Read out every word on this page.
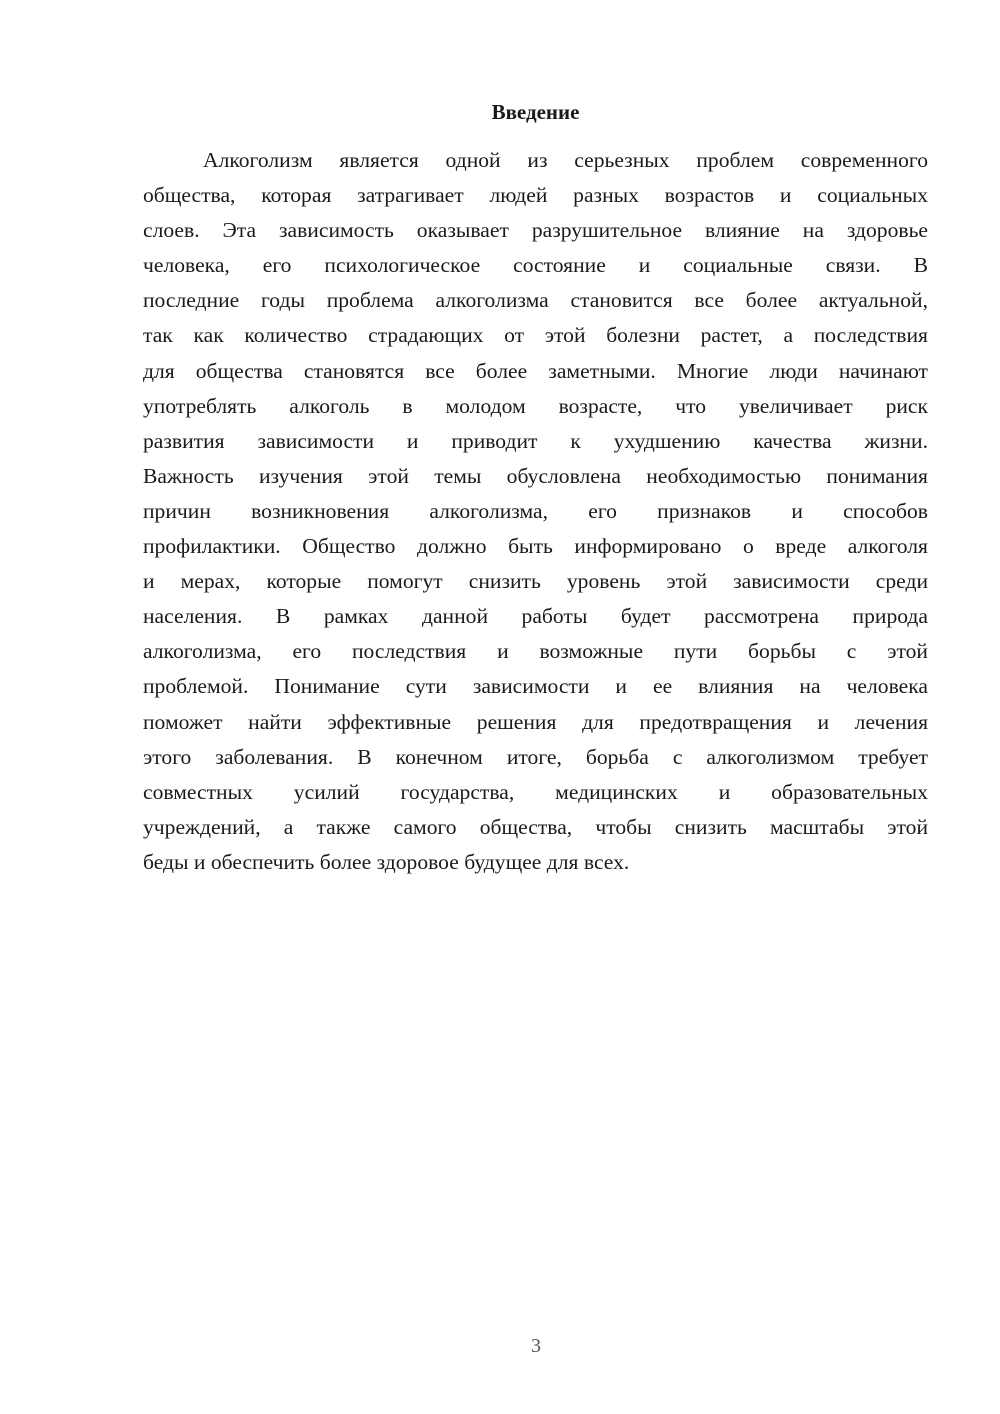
Введение
Алкоголизм является одной из серьезных проблем современного
общества, которая затрагивает людей разных возрастов и социальных
слоев. Эта зависимость оказывает разрушительное влияние на здоровье
человека, его психологическое состояние и социальные связи. В
последние годы проблема алкоголизма становится все более актуальной,
так как количество страдающих от этой болезни растет, а последствия
для общества становятся все более заметными. Многие люди начинают
употреблять алкоголь в молодом возрасте, что увеличивает риск
развития зависимости и приводит к ухудшению качества жизни.
Важность изучения этой темы обусловлена необходимостью понимания
причин возникновения алкоголизма, его признаков и способов
профилактики. Общество должно быть информировано о вреде алкоголя
и мерах, которые помогут снизить уровень этой зависимости среди
населения. В рамках данной работы будет рассмотрена природа
алкоголизма, его последствия и возможные пути борьбы с этой
проблемой. Понимание сути зависимости и ее влияния на человека
поможет найти эффективные решения для предотвращения и лечения
этого заболевания. В конечном итоге, борьба с алкоголизмом требует
совместных усилий государства, медицинских и образовательных
учреждений, а также самого общества, чтобы снизить масштабы этой
беды и обеспечить более здоровое будущее для всех.
3
